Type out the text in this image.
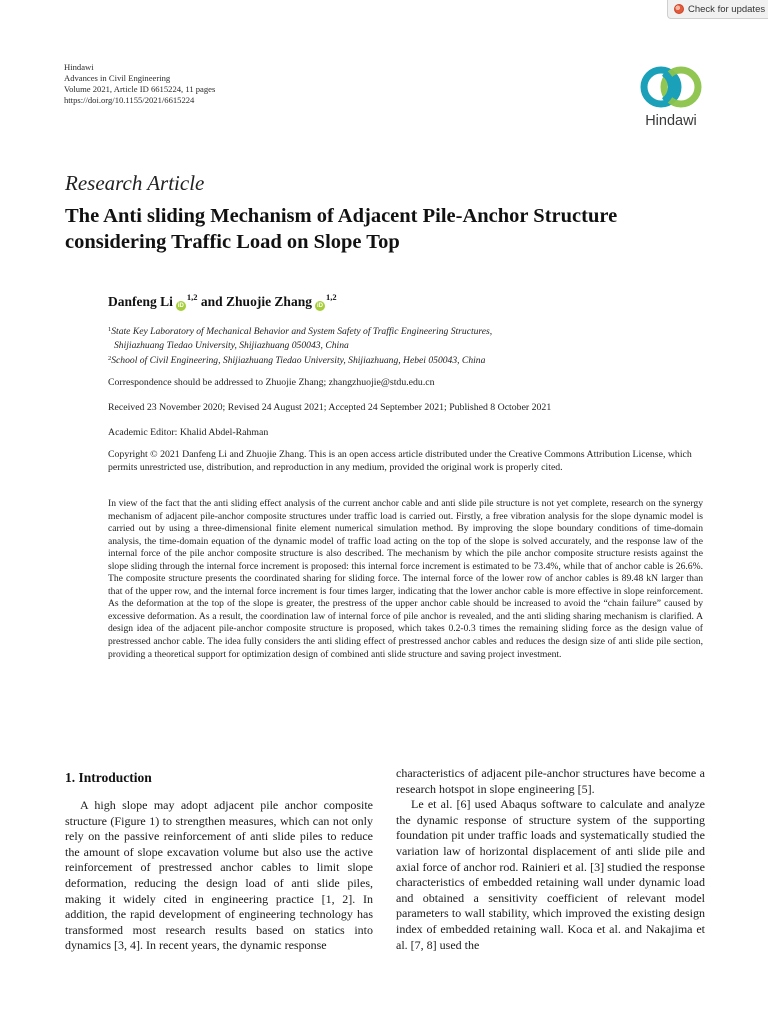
Check for updates
Hindawi
Advances in Civil Engineering
Volume 2021, Article ID 6615224, 11 pages
https://doi.org/10.1155/2021/6615224
Hindawi
Research Article
The Anti sliding Mechanism of Adjacent Pile-Anchor Structure considering Traffic Load on Slope Top
Danfeng Li iD$^{1,2}$ and Zhuojie Zhang iD$^{1,2}$
$^1$State Key Laboratory of Mechanical Behavior and System Safety of Traffic Engineering Structures,
Shijiazhuang Tiedao University, Shijiazhuang 050043, China
$^2$School of Civil Engineering, Shijiazhuang Tiedao University, Shijiazhuang, Hebei 050043, China
Correspondence should be addressed to Zhuojie Zhang; zhangzhuojie@stdu.edu.cn
Received 23 November 2020; Revised 24 August 2021; Accepted 24 September 2021; Published 8 October 2021
Academic Editor: Khalid Abdel-Rahman
Copyright © 2021 Danfeng Li and Zhuojie Zhang. This is an open access article distributed under the Creative Commons Attribution License, which permits unrestricted use, distribution, and reproduction in any medium, provided the original work is properly cited.
In view of the fact that the anti sliding effect analysis of the current anchor cable and anti slide pile structure is not yet complete, research on the synergy mechanism of adjacent pile-anchor composite structures under traffic load is carried out. Firstly, a free vibration analysis for the slope dynamic model is carried out by using a three-dimensional finite element numerical simulation method. By improving the slope boundary conditions of time-domain analysis, the time-domain equation of the dynamic model of traffic load acting on the top of the slope is solved accurately, and the response law of the internal force of the pile anchor composite structure is also described. The mechanism by which the pile anchor composite structure resists against the slope sliding through the internal force increment is proposed: this internal force increment is estimated to be 73.4%, while that of anchor cable is 26.6%. The composite structure presents the coordinated sharing for sliding force. The internal force of the lower row of anchor cables is 89.48 kN larger than that of the upper row, and the internal force increment is four times larger, indicating that the lower anchor cable is more effective in slope reinforcement. As the deformation at the top of the slope is greater, the prestress of the upper anchor cable should be increased to avoid the “chain failure” caused by excessive deformation. As a result, the coordination law of internal force of pile anchor is revealed, and the anti sliding sharing mechanism is clarified. A design idea of the adjacent pile-anchor composite structure is proposed, which takes 0.2-0.3 times the remaining sliding force as the design value of prestressed anchor cable. The idea fully considers the anti sliding effect of prestressed anchor cables and reduces the design size of anti slide pile section, providing a theoretical support for optimization design of combined anti slide structure and saving project investment.
1. Introduction
A high slope may adopt adjacent pile anchor composite structure (Figure 1) to strengthen measures, which can not only rely on the passive reinforcement of anti slide piles to reduce the amount of slope excavation volume but also use the active reinforcement of prestressed anchor cables to limit slope deformation, reducing the design load of anti slide piles, making it widely cited in engineering practice [1, 2]. In addition, the rapid development of engineering technology has transformed most research results based on statics into dynamics [3, 4]. In recent years, the dynamic response
characteristics of adjacent pile-anchor structures have become a research hotspot in slope engineering [5].
Le et al. [6] used Abaqus software to calculate and analyze the dynamic response of structure system of the supporting foundation pit under traffic loads and systematically studied the variation law of horizontal displacement of anti slide pile and axial force of anchor rod. Rainieri et al. [3] studied the response characteristics of embedded retaining wall under dynamic load and obtained a sensitivity coefficient of relevant model parameters to wall stability, which improved the existing design index of embedded retaining wall. Koca et al. and Nakajima et al. [7, 8] used the
